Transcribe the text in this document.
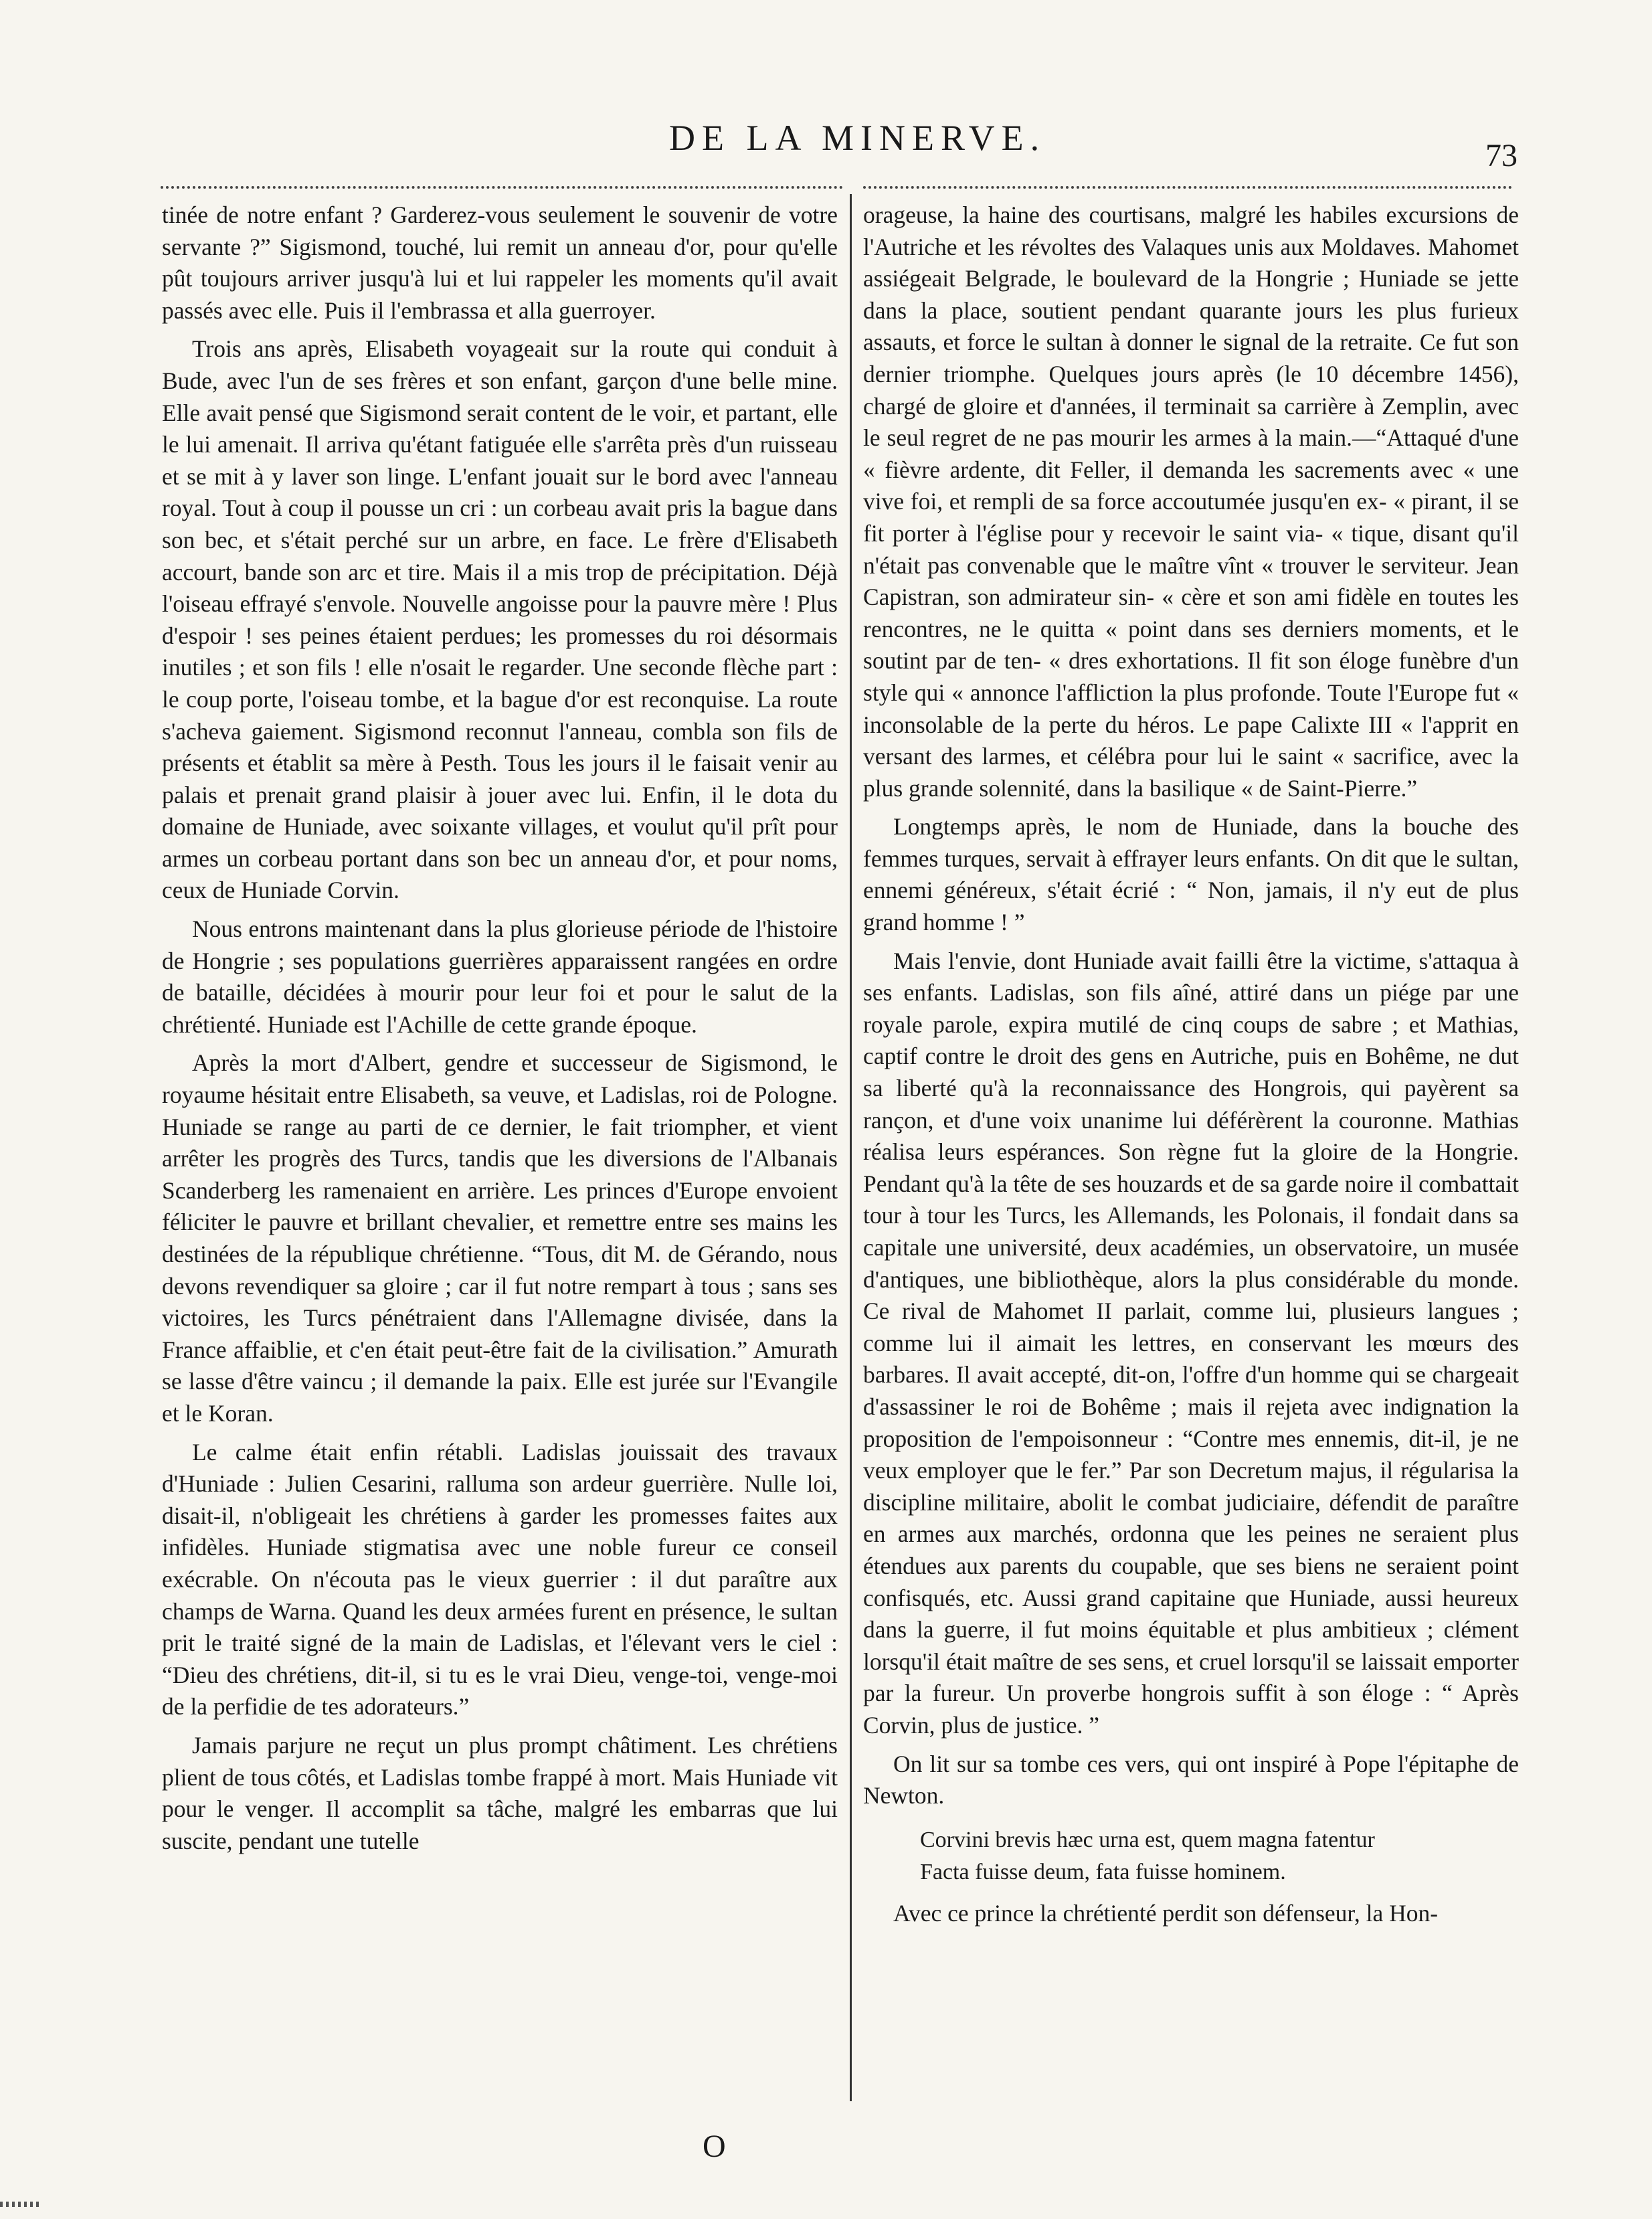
DE LA MINERVE.	73

tinée de notre enfant ? Garderez-vous seulement le souvenir de votre servante ?” Sigismond, touché, lui remit un anneau d'or, pour qu'elle pût toujours arriver jusqu'à lui et lui rappeler les moments qu'il avait passés avec elle. Puis il l'embrassa et alla guerroyer.

Trois ans après, Elisabeth voyageait sur la route qui conduit à Bude, avec l'un de ses frères et son enfant, garçon d'une belle mine. Elle avait pensé que Sigismond serait content de le voir, et partant, elle le lui amenait. Il arriva qu'étant fatiguée elle s'arrêta près d'un ruisseau et se mit à y laver son linge. L'enfant jouait sur le bord avec l'anneau royal. Tout à coup il pousse un cri : un corbeau avait pris la bague dans son bec, et s'était perché sur un arbre, en face. Le frère d'Elisabeth accourt, bande son arc et tire. Mais il a mis trop de précipitation. Déjà l'oiseau effrayé s'envole. Nouvelle angoisse pour la pauvre mère ! Plus d'espoir ! ses peines étaient perdues; les promesses du roi désormais inutiles ; et son fils ! elle n'osait le regarder. Une seconde flèche part : le coup porte, l'oiseau tombe, et la bague d'or est reconquise. La route s'acheva gaiement. Sigismond reconnut l'anneau, combla son fils de présents et établit sa mère à Pesth. Tous les jours il le faisait venir au palais et prenait grand plaisir à jouer avec lui. Enfin, il le dota du domaine de Huniade, avec soixante villages, et voulut qu'il prît pour armes un corbeau portant dans son bec un anneau d'or, et pour noms, ceux de Huniade Corvin.

Nous entrons maintenant dans la plus glorieuse période de l'histoire de Hongrie ; ses populations guerrières apparaissent rangées en ordre de bataille, décidées à mourir pour leur foi et pour le salut de la chrétienté. Huniade est l'Achille de cette grande époque.

Après la mort d'Albert, gendre et successeur de Sigismond, le royaume hésitait entre Elisabeth, sa veuve, et Ladislas, roi de Pologne. Huniade se range au parti de ce dernier, le fait triompher, et vient arrêter les progrès des Turcs, tandis que les diversions de l'Albanais Scanderberg les ramenaient en arrière. Les princes d'Europe envoient féliciter le pauvre et brillant chevalier, et remettre entre ses mains les destinées de la république chrétienne. “Tous, dit M. de Gérando, nous devons revendiquer sa gloire ; car il fut notre rempart à tous ; sans ses victoires, les Turcs pénétraient dans l'Allemagne divisée, dans la France affaiblie, et c'en était peut-être fait de la civilisation.” Amurath se lasse d'être vaincu ; il demande la paix. Elle est jurée sur l'Evangile et le Koran.

Le calme était enfin rétabli. Ladislas jouissait des travaux d'Huniade : Julien Cesarini, ralluma son ardeur guerrière. Nulle loi, disait-il, n'obligeait les chrétiens à garder les promesses faites aux infidèles. Huniade stigmatisa avec une noble fureur ce conseil exécrable. On n'écouta pas le vieux guerrier : il dut paraître aux champs de Warna. Quand les deux armées furent en présence, le sultan prit le traité signé de la main de Ladislas, et l'élevant vers le ciel : “Dieu des chrétiens, dit-il, si tu es le vrai Dieu, venge-toi, venge-moi de la perfidie de tes adorateurs.”

Jamais parjure ne reçut un plus prompt châtiment. Les chrétiens plient de tous côtés, et Ladislas tombe frappé à mort. Mais Huniade vit pour le venger. Il accomplit sa tâche, malgré les embarras que lui suscite, pendant une tutelle

orageuse, la haine des courtisans, malgré les habiles excursions de l'Autriche et les révoltes des Valaques unis aux Moldaves. Mahomet assiégeait Belgrade, le boulevard de la Hongrie ; Huniade se jette dans la place, soutient pendant quarante jours les plus furieux assauts, et force le sultan à donner le signal de la retraite. Ce fut son dernier triomphe. Quelques jours après (le 10 décembre 1456), chargé de gloire et d'années, il terminait sa carrière à Zemplin, avec le seul regret de ne pas mourir les armes à la main.—“Attaqué d'une « fièvre ardente, dit Feller, il demanda les sacrements avec « une vive foi, et rempli de sa force accoutumée jusqu'en ex- « pirant, il se fit porter à l'église pour y recevoir le saint via- « tique, disant qu'il n'était pas convenable que le maître vînt « trouver le serviteur. Jean Capistran, son admirateur sin- « cère et son ami fidèle en toutes les rencontres, ne le quitta « point dans ses derniers moments, et le soutint par de ten- « dres exhortations. Il fit son éloge funèbre d'un style qui « annonce l'affliction la plus profonde. Toute l'Europe fut « inconsolable de la perte du héros. Le pape Calixte III « l'apprit en versant des larmes, et célébra pour lui le saint « sacrifice, avec la plus grande solennité, dans la basilique « de Saint-Pierre.”

Longtemps après, le nom de Huniade, dans la bouche des femmes turques, servait à effrayer leurs enfants. On dit que le sultan, ennemi généreux, s'était écrié : “ Non, jamais, il n'y eut de plus grand homme ! ”

Mais l'envie, dont Huniade avait failli être la victime, s'attaqua à ses enfants. Ladislas, son fils aîné, attiré dans un piége par une royale parole, expira mutilé de cinq coups de sabre ; et Mathias, captif contre le droit des gens en Autriche, puis en Bohême, ne dut sa liberté qu'à la reconnaissance des Hongrois, qui payèrent sa rançon, et d'une voix unanime lui déférèrent la couronne. Mathias réalisa leurs espérances. Son règne fut la gloire de la Hongrie. Pendant qu'à la tête de ses houzards et de sa garde noire il combattait tour à tour les Turcs, les Allemands, les Polonais, il fondait dans sa capitale une université, deux académies, un observatoire, un musée d'antiques, une bibliothèque, alors la plus considérable du monde. Ce rival de Mahomet II parlait, comme lui, plusieurs langues ; comme lui il aimait les lettres, en conservant les mœurs des barbares. Il avait accepté, dit-on, l'offre d'un homme qui se chargeait d'assassiner le roi de Bohême ; mais il rejeta avec indignation la proposition de l'empoisonneur : “Contre mes ennemis, dit-il, je ne veux employer que le fer.” Par son Decretum majus, il régularisa la discipline militaire, abolit le combat judiciaire, défendit de paraître en armes aux marchés, ordonna que les peines ne seraient plus étendues aux parents du coupable, que ses biens ne seraient point confisqués, etc. Aussi grand capitaine que Huniade, aussi heureux dans la guerre, il fut moins équitable et plus ambitieux ; clément lorsqu'il était maître de ses sens, et cruel lorsqu'il se laissait emporter par la fureur. Un proverbe hongrois suffit à son éloge : “ Après Corvin, plus de justice. ”

On lit sur sa tombe ces vers, qui ont inspiré à Pope l'épitaphe de Newton.

Corvini brevis hæc urna est, quem magna fatentur
Facta fuisse deum, fata fuisse hominem.

Avec ce prince la chrétienté perdit son défenseur, la Hon-

O
